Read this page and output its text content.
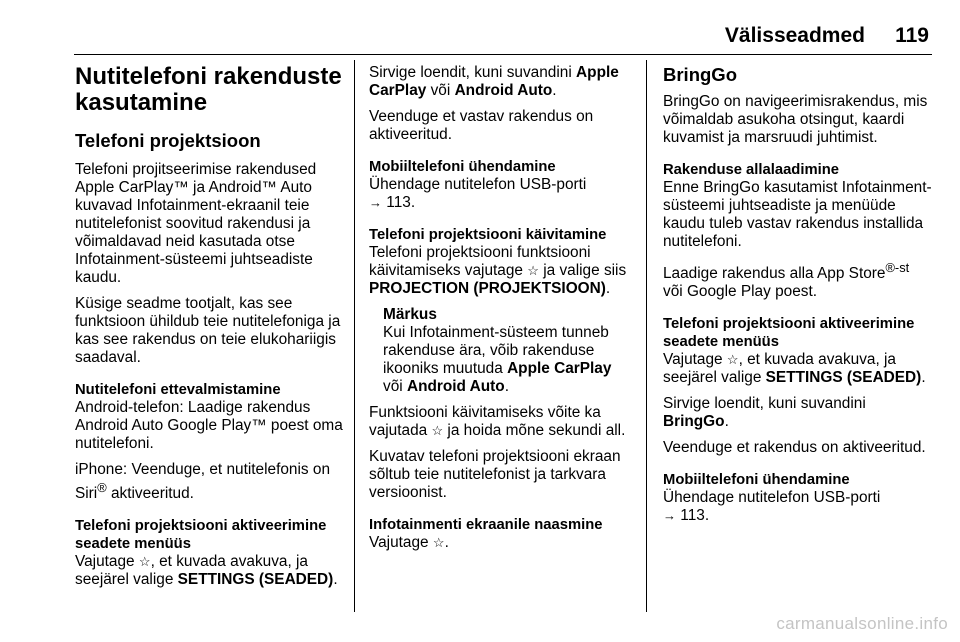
Välisseadmed 119
Nutitelefoni rakenduste kasutamine
Telefoni projektsioon

Telefoni projitseerimise rakendused Apple CarPlay™ ja Android™ Auto kuvavad Infotainment-ekraanil teie nutitelefonist soovitud rakendusi ja võimaldavad neid kasutada otse Infotainment-süsteemi juhtseadiste kaudu.

Küsige seadme tootjalt, kas see funktsioon ühildub teie nutitelefoniga ja kas see rakendus on teie elukohariigis saadaval.

Nutitelefoni ettevalmistamine

Android-telefon: Laadige rakendus Android Auto Google Play™ poest oma nutitelefoni.

iPhone: Veenduge, et nutitelefonis on Siri® aktiveeritud.

Telefoni projektsiooni aktiveerimine seadete menüüs

Vajutage ☆, et kuvada avakuva, ja seejärel valige SETTINGS (SEADED).

Sirvige loendit, kuni suvandini Apple CarPlay või Android Auto.

Veenduge et vastav rakendus on aktiveeritud.

Mobiiltelefoni ühendamine

Ühendage nutitelefon USB-porti
→ 113.

Telefoni projektsiooni käivitamine

Telefoni projektsiooni funktsiooni käivitamiseks vajutage ☆ ja valige siis PROJECTION (PROJEKTSIOON).

Märkus
Kui Infotainment-süsteem tunneb rakenduse ära, võib rakenduse ikooniks muutuda Apple CarPlay või Android Auto.

Funktsiooni käivitamiseks võite ka vajutada ☆ ja hoida mõne sekundi all.

Kuvatav telefoni projektsiooni ekraan sõltub teie nutitelefonist ja tarkvara versioonist.

Infotainmenti ekraanile naasmine

Vajutage ☆.

BringGo

BringGo on navigeerimisrakendus, mis võimaldab asukoha otsingut, kaardi kuvamist ja marsruudi juhtimist.

Rakenduse allalaadimine

Enne BringGo kasutamist Infotainment-süsteemi juhtseadiste ja menüüde kaudu tuleb vastav rakendus installida nutitelefoni.

Laadige rakendus alla App Store$^{®-st}$ või Google Play poest.

Telefoni projektsiooni aktiveerimine seadete menüüs

Vajutage ☆, et kuvada avakuva, ja seejärel valige SETTINGS (SEADED).

Sirvige loendit, kuni suvandini BringGo.

Veenduge et rakendus on aktiveeritud.

Mobiiltelefoni ühendamine

Ühendage nutitelefon USB-porti
→ 113.

carmanualsonline.info
